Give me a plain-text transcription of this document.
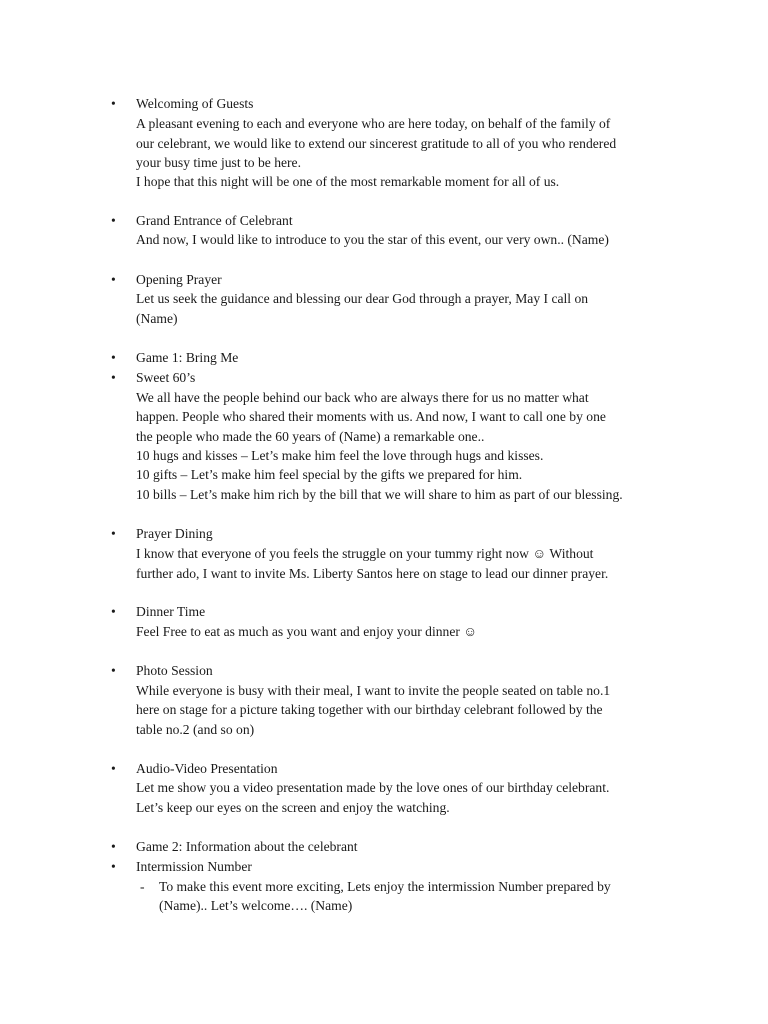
•	Welcoming of Guests
A pleasant evening to each and everyone who are here today, on behalf of the family of
our celebrant, we would like to extend our sincerest gratitude to all of you who rendered
your busy time just to be here.
I hope that this night will be one of the most remarkable moment for all of us.
•	Grand Entrance of Celebrant
And now, I would like to introduce to you the star of this event, our very own.. (Name)
•	Opening Prayer
Let us seek the guidance and blessing our dear God through a prayer, May I call on
(Name)
•	Game 1: Bring Me
•	Sweet 60’s
We all have the people behind our back who are always there for us no matter what
happen. People who shared their moments with us. And now, I want to call one by one
the people who made the 60 years of (Name) a remarkable one..
10 hugs and kisses – Let’s make him feel the love through hugs and kisses.
10 gifts – Let’s make him feel special by the gifts we prepared for him.
10 bills – Let’s make him rich by the bill that we will share to him as part of our blessing.
•	Prayer Dining
I know that everyone of you feels the struggle on your tummy right now ☺ Without
further ado, I want to invite Ms. Liberty Santos here on stage to lead our dinner prayer.
•	Dinner Time
Feel Free to eat as much as you want and enjoy your dinner ☺
•	Photo Session
While everyone is busy with their meal, I want to invite the people seated on table no.1
here on stage for a picture taking together with our birthday celebrant followed by the
table no.2 (and so on)
•	Audio-Video Presentation
Let me show you a video presentation made by the love ones of our birthday celebrant.
Let’s keep our eyes on the screen and enjoy the watching.
•	Game 2: Information about the celebrant
•	Intermission Number
- To make this event more exciting, Lets enjoy the intermission Number prepared by
(Name).. Let’s welcome…. (Name)
